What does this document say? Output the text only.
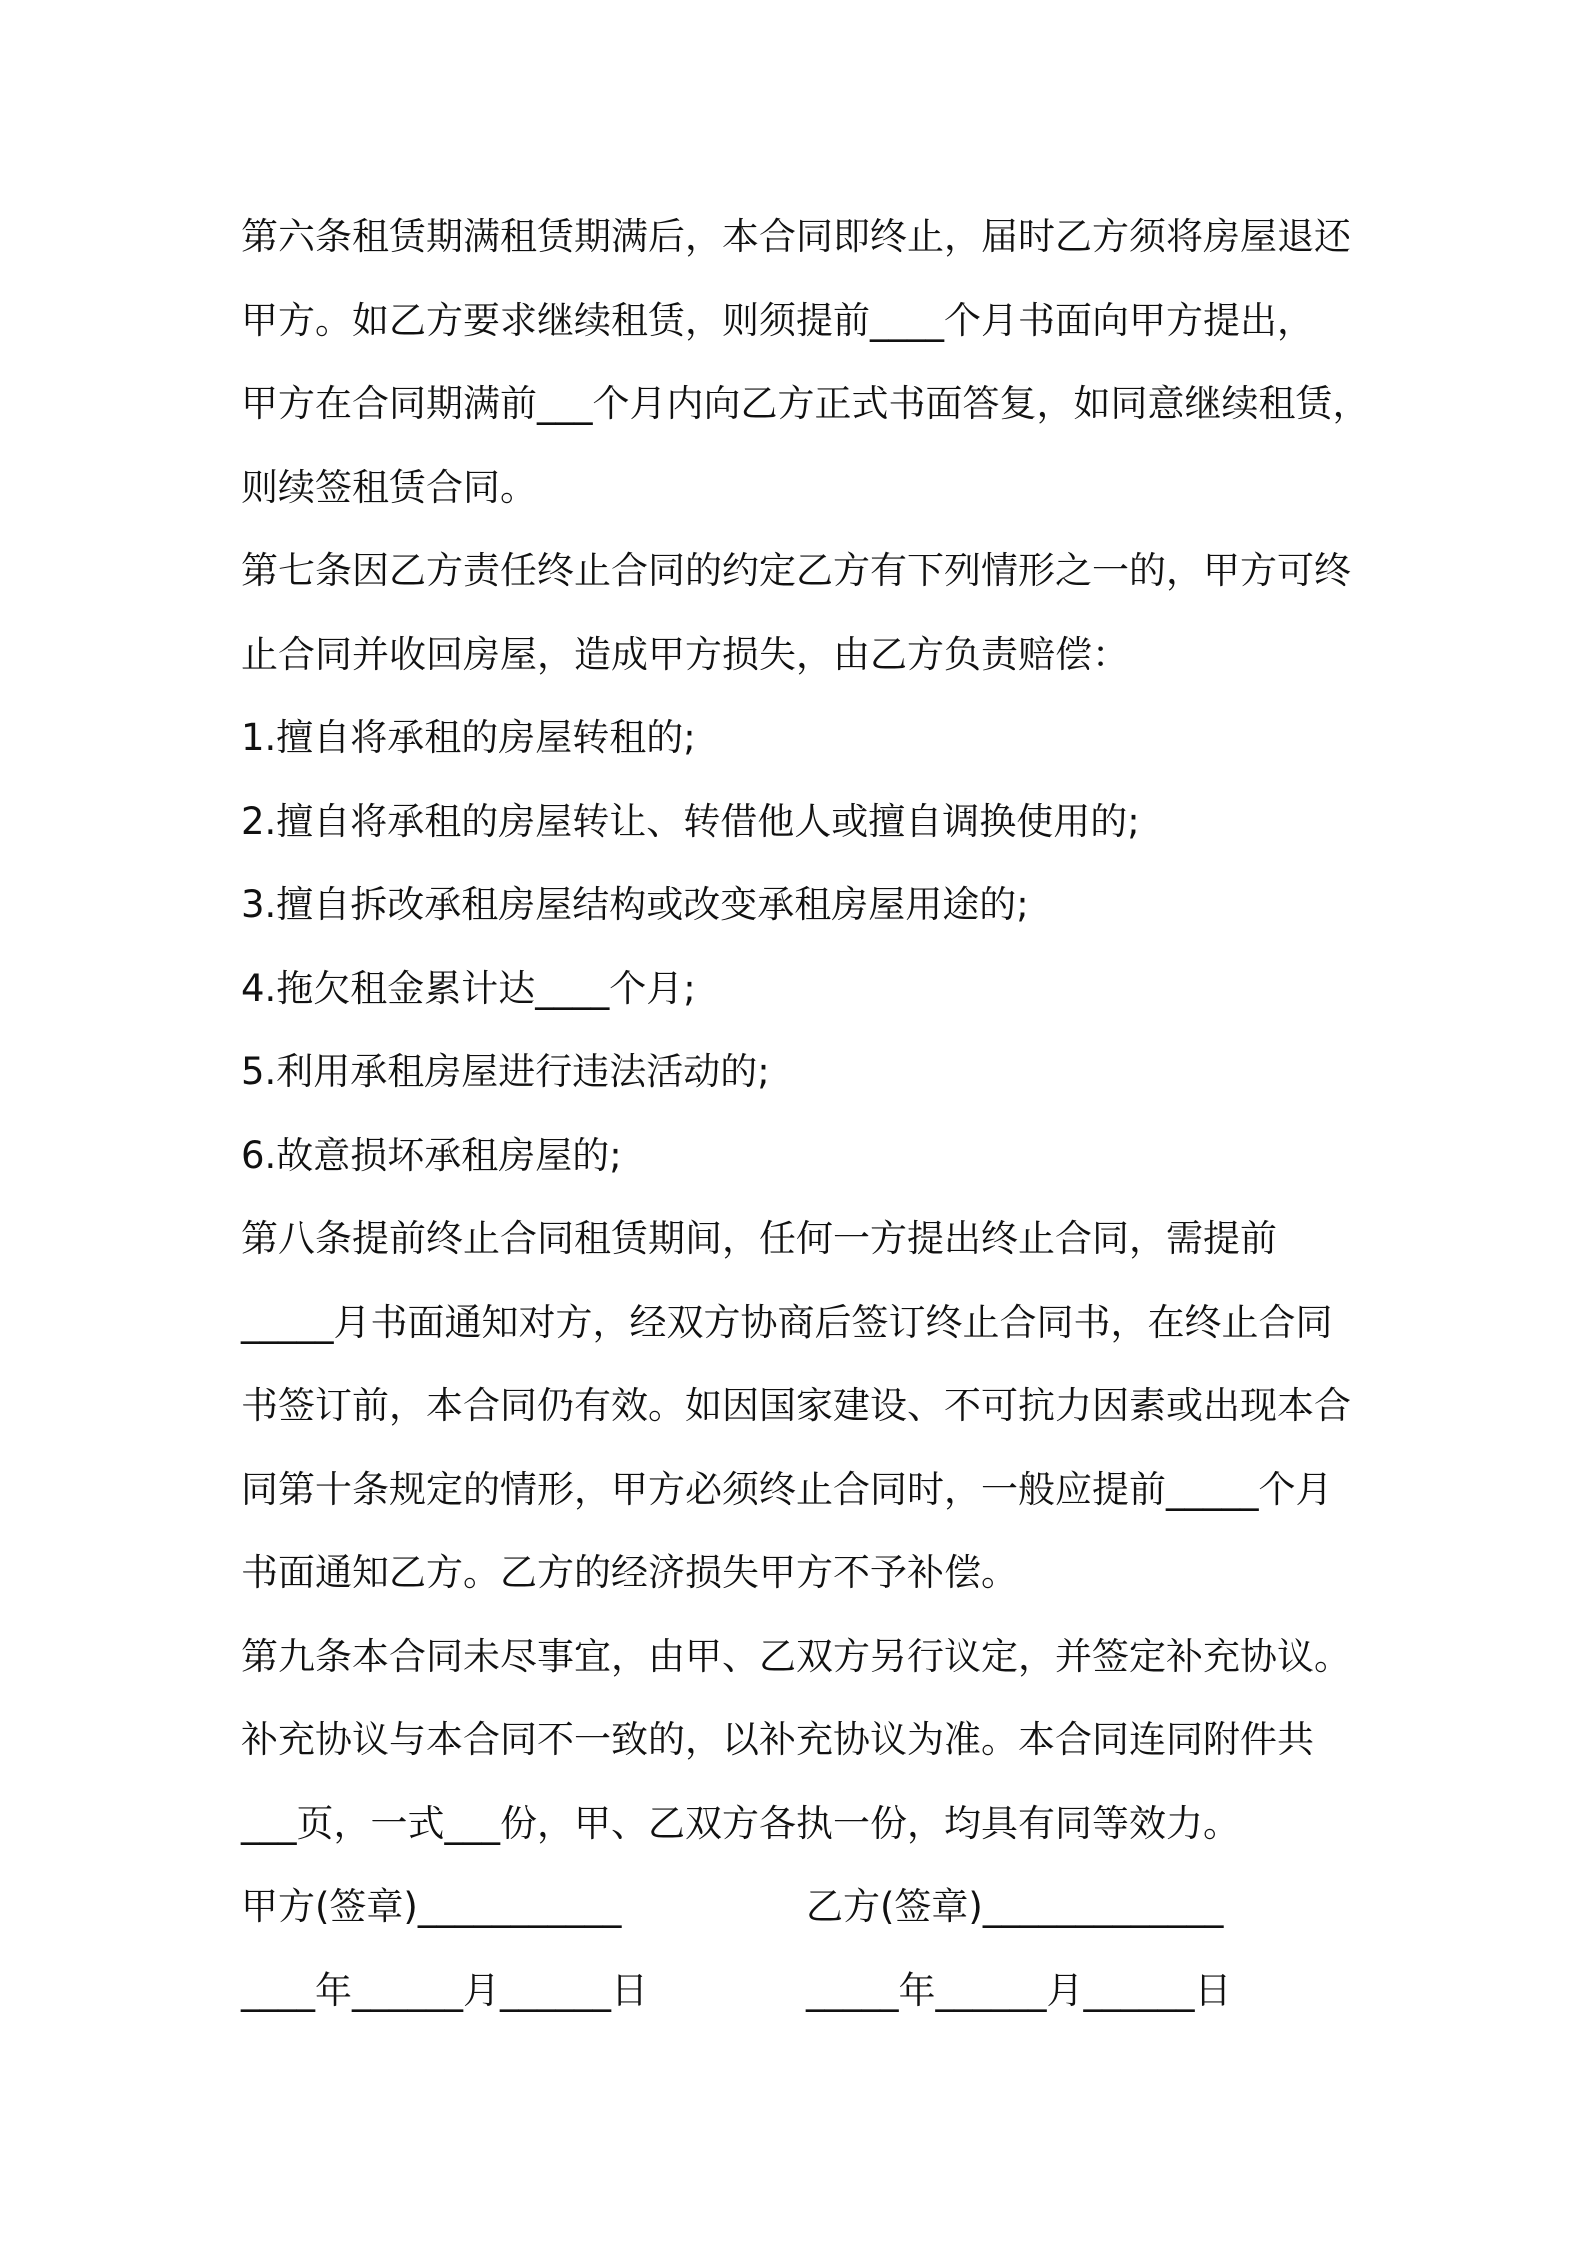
第六条租赁期满租赁期满后，本合同即终止，届时乙方须将房屋退还
甲方。如乙方要求继续租赁，则须提前____个月书面向甲方提出，
甲方在合同期满前___个月内向乙方正式书面答复，如同意继续租赁，
则续签租赁合同。
第七条因乙方责任终止合同的约定乙方有下列情形之一的，甲方可终
止合同并收回房屋，造成甲方损失，由乙方负责赔偿：
1.擅自将承租的房屋转租的;
2.擅自将承租的房屋转让、转借他人或擅自调换使用的;
3.擅自拆改承租房屋结构或改变承租房屋用途的;
4.拖欠租金累计达____个月;
5.利用承租房屋进行违法活动的;
6.故意损坏承租房屋的;
第八条提前终止合同租赁期间，任何一方提出终止合同，需提前
_____月书面通知对方，经双方协商后签订终止合同书，在终止合同
书签订前，本合同仍有效。如因国家建设、不可抗力因素或出现本合
同第十条规定的情形，甲方必须终止合同时，一般应提前_____个月
书面通知乙方。乙方的经济损失甲方不予补偿。
第九条本合同未尽事宜，由甲、乙双方另行议定，并签定补充协议。
补充协议与本合同不一致的，以补充协议为准。本合同连同附件共
___页，一式___份，甲、乙双方各执一份，均具有同等效力。
甲方(签章)___________	乙方(签章)_____________
____年______月______日	_____年______月______日
